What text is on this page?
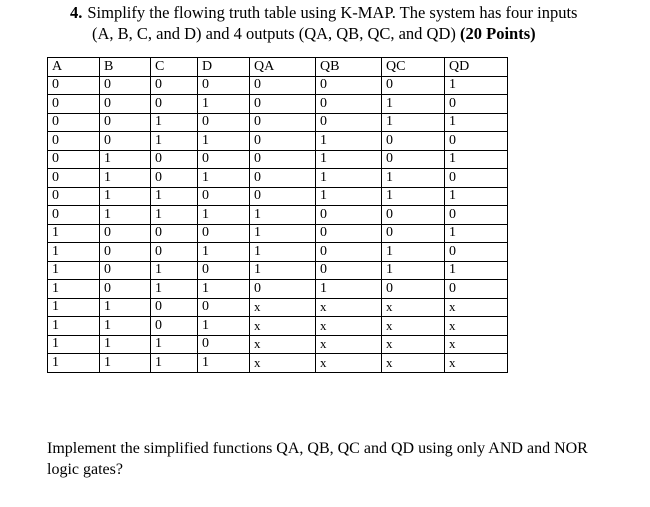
4. Simplify the flowing truth table using K-MAP. The system has four inputs
(A, B, C, and D) and 4 outputs (QA, QB, QC, and QD) (20 Points)
A	B	C	D	QA	QB	QC	QD
0	0	0	0	0	0	0	1
0	0	0	1	0	0	1	0
0	0	1	0	0	0	1	1
0	0	1	1	0	1	0	0
0	1	0	0	0	1	0	1
0	1	0	1	0	1	1	0
0	1	1	0	0	1	1	1
0	1	1	1	1	0	0	0
1	0	0	0	1	0	0	1
1	0	0	1	1	0	1	0
1	0	1	0	1	0	1	1
1	0	1	1	0	1	0	0
1	1	0	0	x	x	x	x
1	1	0	1	x	x	x	x
1	1	1	0	x	x	x	x
1	1	1	1	x	x	x	x
Implement the simplified functions QA, QB, QC and QD using only AND and NOR
logic gates?
